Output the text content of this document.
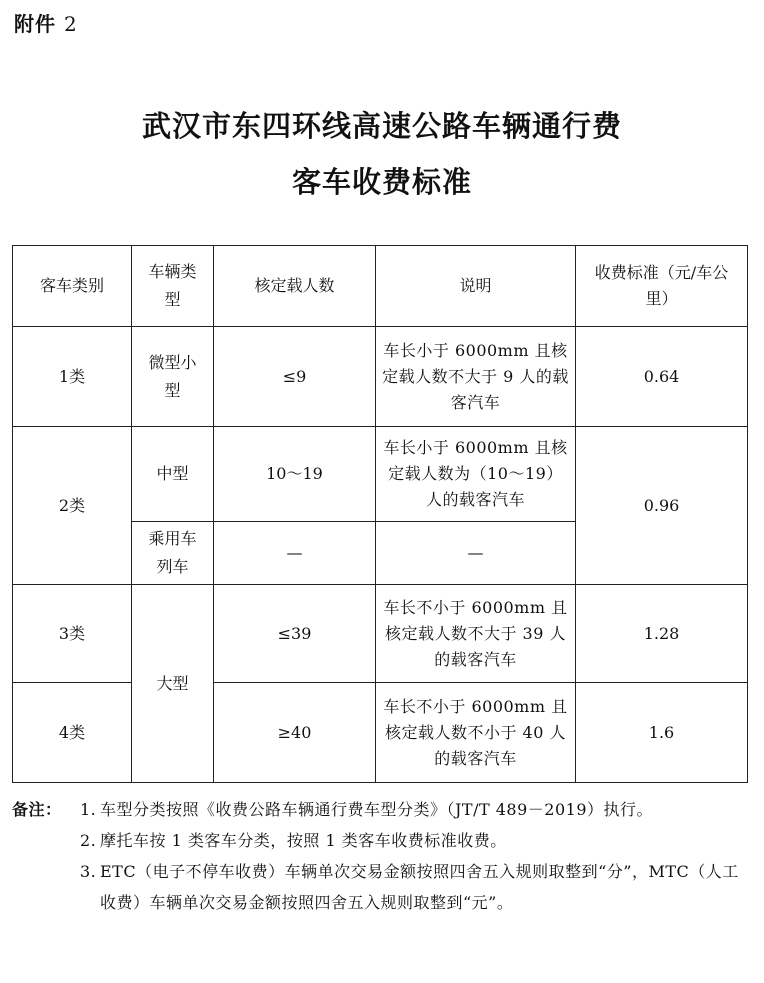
附件 2
武汉市东四环线高速公路车辆通行费
客车收费标准
客车类别	车辆类型	核定载人数	说明	收费标准（元/车公里）
1类	微型小型	≤9	车长小于 6000mm 且核定载人数不大于 9 人的载客汽车	0.64
2类	中型	10～19	车长小于 6000mm 且核定载人数为（10～19）人的载客汽车	0.96
	乘用车列车	—	—	
3类	大型	≤39	车长不小于 6000mm 且核定载人数不大于 39 人的载客汽车	1.28
4类		≥40	车长不小于 6000mm 且核定载人数不小于 40 人的载客汽车	1.6
备注：	1. 车型分类按照《收费公路车辆通行费车型分类》（JT/T 489－2019）执行。
2. 摩托车按 1 类客车分类，按照 1 类客车收费标准收费。
3. ETC（电子不停车收费）车辆单次交易金额按照四舍五入规则取整到“分”，MTC（人工收费）车辆单次交易金额按照四舍五入规则取整到“元”。
